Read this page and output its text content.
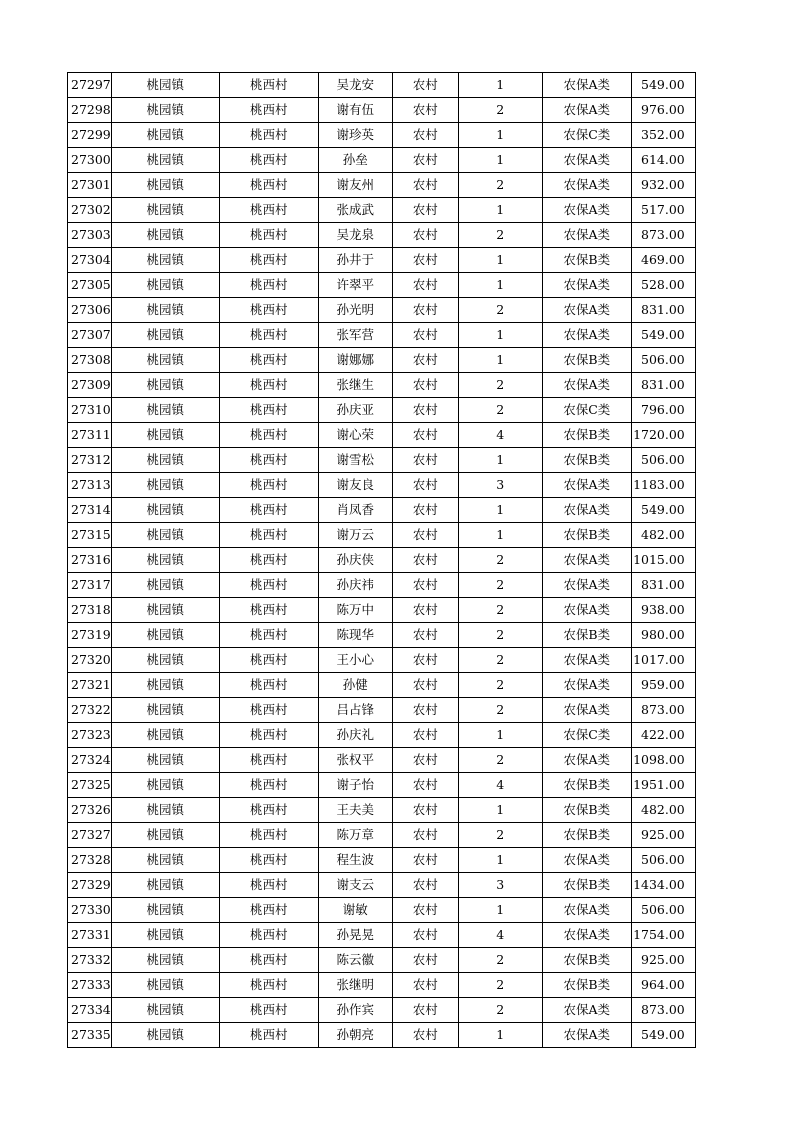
27297	桃园镇	桃西村	吴龙安	农村	1	农保A类	549.00
27298	桃园镇	桃西村	谢有伍	农村	2	农保A类	976.00
27299	桃园镇	桃西村	谢珍英	农村	1	农保C类	352.00
27300	桃园镇	桃西村	孙垒	农村	1	农保A类	614.00
27301	桃园镇	桃西村	谢友州	农村	2	农保A类	932.00
27302	桃园镇	桃西村	张成武	农村	1	农保A类	517.00
27303	桃园镇	桃西村	吴龙泉	农村	2	农保A类	873.00
27304	桃园镇	桃西村	孙井于	农村	1	农保B类	469.00
27305	桃园镇	桃西村	许翠平	农村	1	农保A类	528.00
27306	桃园镇	桃西村	孙光明	农村	2	农保A类	831.00
27307	桃园镇	桃西村	张军营	农村	1	农保A类	549.00
27308	桃园镇	桃西村	谢娜娜	农村	1	农保B类	506.00
27309	桃园镇	桃西村	张继生	农村	2	农保A类	831.00
27310	桃园镇	桃西村	孙庆亚	农村	2	农保C类	796.00
27311	桃园镇	桃西村	谢心荣	农村	4	农保B类	1720.00
27312	桃园镇	桃西村	谢雪松	农村	1	农保B类	506.00
27313	桃园镇	桃西村	谢友良	农村	3	农保A类	1183.00
27314	桃园镇	桃西村	肖凤香	农村	1	农保A类	549.00
27315	桃园镇	桃西村	谢万云	农村	1	农保B类	482.00
27316	桃园镇	桃西村	孙庆侠	农村	2	农保A类	1015.00
27317	桃园镇	桃西村	孙庆祎	农村	2	农保A类	831.00
27318	桃园镇	桃西村	陈万中	农村	2	农保A类	938.00
27319	桃园镇	桃西村	陈现华	农村	2	农保B类	980.00
27320	桃园镇	桃西村	王小心	农村	2	农保A类	1017.00
27321	桃园镇	桃西村	孙健	农村	2	农保A类	959.00
27322	桃园镇	桃西村	吕占锋	农村	2	农保A类	873.00
27323	桃园镇	桃西村	孙庆礼	农村	1	农保C类	422.00
27324	桃园镇	桃西村	张权平	农村	2	农保A类	1098.00
27325	桃园镇	桃西村	谢子怡	农村	4	农保B类	1951.00
27326	桃园镇	桃西村	王夫美	农村	1	农保B类	482.00
27327	桃园镇	桃西村	陈万章	农村	2	农保B类	925.00
27328	桃园镇	桃西村	程生波	农村	1	农保A类	506.00
27329	桃园镇	桃西村	谢支云	农村	3	农保B类	1434.00
27330	桃园镇	桃西村	谢敏	农村	1	农保A类	506.00
27331	桃园镇	桃西村	孙晃晃	农村	4	农保A类	1754.00
27332	桃园镇	桃西村	陈云徽	农村	2	农保B类	925.00
27333	桃园镇	桃西村	张继明	农村	2	农保B类	964.00
27334	桃园镇	桃西村	孙作宾	农村	2	农保A类	873.00
27335	桃园镇	桃西村	孙朝亮	农村	1	农保A类	549.00
